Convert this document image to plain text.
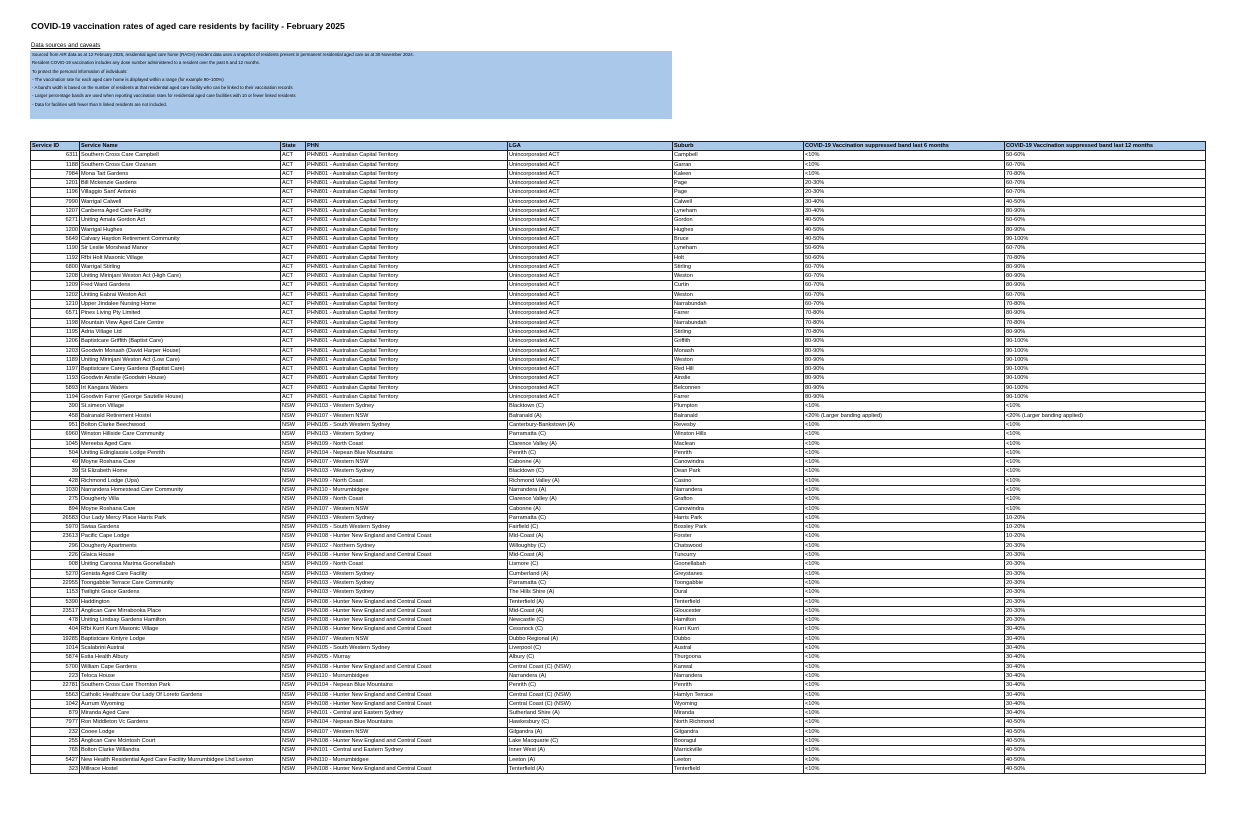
COVID-19 vaccination rates of aged care residents by facility - February 2025
Data sources and caveats
Sourced from AIR data as at 12 February 2025, residential aged care home (RACH) resident data uses a snapshot of residents present in permanent residential aged care as at 30 November 2024.
Resident COVID-19 vaccination includes any dose number administered to a resident over the past 6 and 12 months.
To protect the personal information of individuals:
- The vaccination rate for each aged care home is displayed within a range (for example 90–100%)
- A band's width is based on the number of residents at that residential aged care facility who can be linked to their vaccination records
- Larger percentage bands are used when reporting vaccination rates for residential aged care facilities with 10 or fewer linked residents
- Data for facilities with fewer than 5 linked residents are not included.
Service ID	Service Name	State	PHN	LGA	Suburb	COVID-19 Vaccination suppressed band last 6 months	COVID-19 Vaccination suppressed band last 12 months
6311	Southern Cross Care Campbell	ACT	PHN801 - Australian Capital Territory	Unincorporated ACT	Campbell	<10%	50-60%
1188	Southern Cross Care Ozanam	ACT	PHN801 - Australian Capital Territory	Unincorporated ACT	Garran	<10%	60-70%
7984	Mona Tait Gardens	ACT	PHN801 - Australian Capital Territory	Unincorporated ACT	Kaleen	<10%	70-80%
1201	Bill Mckenzie Gardens	ACT	PHN801 - Australian Capital Territory	Unincorporated ACT	Page	20-30%	60-70%
1196	Villaggio Sant' Antonio	ACT	PHN801 - Australian Capital Territory	Unincorporated ACT	Page	20-30%	60-70%
7990	Warrigal Calwell	ACT	PHN801 - Australian Capital Territory	Unincorporated ACT	Calwell	30-40%	40-50%
1207	Canberra Aged Care Facility	ACT	PHN801 - Australian Capital Territory	Unincorporated ACT	Lyneham	30-40%	80-90%
6271	Uniting Amala Gordon Act	ACT	PHN801 - Australian Capital Territory	Unincorporated ACT	Gordon	40-50%	50-60%
1200	Warrigal Hughes	ACT	PHN801 - Australian Capital Territory	Unincorporated ACT	Hughes	40-50%	80-90%
5649	Calvary Haydon Retirement Community	ACT	PHN801 - Australian Capital Territory	Unincorporated ACT	Bruce	40-50%	90-100%
1190	Sir Leslie Morshead Manor	ACT	PHN801 - Australian Capital Territory	Unincorporated ACT	Lyneham	50-60%	60-70%
1192	Rfbi Holt Masonic Village	ACT	PHN801 - Australian Capital Territory	Unincorporated ACT	Holt	50-60%	70-80%
6800	Warrigal Stirling	ACT	PHN801 - Australian Capital Territory	Unincorporated ACT	Stirling	60-70%	80-90%
1208	Uniting Mirinjani Weston Act (High Care)	ACT	PHN801 - Australian Capital Territory	Unincorporated ACT	Weston	60-70%	80-90%
1209	Fred Ward Gardens	ACT	PHN801 - Australian Capital Territory	Unincorporated ACT	Curtin	60-70%	80-90%
1202	Uniting Eabrai Weston Act	ACT	PHN801 - Australian Capital Territory	Unincorporated ACT	Weston	60-70%	60-70%
1210	Upper Jindalee Nursing Home	ACT	PHN801 - Australian Capital Territory	Unincorporated ACT	Narrabundah	60-70%	70-80%
6571	Pines Living Pty Limited	ACT	PHN801 - Australian Capital Territory	Unincorporated ACT	Farrer	70-80%	80-90%
1198	Mountain View Aged Care Centre	ACT	PHN801 - Australian Capital Territory	Unincorporated ACT	Narrabundah	70-80%	70-80%
1195	Adria Village Ltd	ACT	PHN801 - Australian Capital Territory	Unincorporated ACT	Stirling	70-80%	80-90%
1206	Baptistcare Griffith (Baptist Care)	ACT	PHN801 - Australian Capital Territory	Unincorporated ACT	Griffith	80-90%	90-100%
1203	Goodwin Monash (David Harper House)	ACT	PHN801 - Australian Capital Territory	Unincorporated ACT	Monash	80-90%	90-100%
1189	Uniting Mirinjani Weston Act (Low Care)	ACT	PHN801 - Australian Capital Territory	Unincorporated ACT	Weston	80-90%	90-100%
1197	Baptistcare Carey Gardens (Baptist Care)	ACT	PHN801 - Australian Capital Territory	Unincorporated ACT	Red Hill	80-90%	90-100%
1193	Goodwin Ainslie (Goodwin House)	ACT	PHN801 - Australian Capital Territory	Unincorporated ACT	Ainslie	80-90%	90-100%
5893	Irt Kangara Waters	ACT	PHN801 - Australian Capital Territory	Unincorporated ACT	Belconnen	80-90%	90-100%
1194	Goodwin Farrer (George Sautelle House)	ACT	PHN801 - Australian Capital Territory	Unincorporated ACT	Farrer	80-90%	90-100%
390	St.simeon Village	NSW	PHN103 - Western Sydney	Blacktown (C)	Plumpton	<10%	<10%
458	Balranald Retirement Hostel	NSW	PHN107 - Western NSW	Balranald (A)	Balranald	<20% (Larger banding applied)	<20% (Larger banding applied)
951	Bolton Clarke Beechwood	NSW	PHN105 - South Western Sydney	Canterbury-Bankstown (A)	Revesby	<10%	<10%
6960	Winston Hillside Care Community	NSW	PHN103 - Western Sydney	Parramatta (C)	Winston Hills	<10%	<10%
1045	Mereeba Aged Care	NSW	PHN109 - North Coast	Clarence Valley (A)	Maclean	<10%	<10%
504	Uniting Edinglassie Lodge Penrith	NSW	PHN104 - Nepean Blue Mountains	Penrith (C)	Penrith	<10%	<10%
49	Moyne Roshana Care	NSW	PHN107 - Western NSW	Cabonne (A)	Canowindra	<10%	<10%
39	St Elizabeth Home	NSW	PHN103 - Western Sydney	Blacktown (C)	Dean Park	<10%	<10%
428	Richmond Lodge (Upa)	NSW	PHN109 - North Coast	Richmond Valley (A)	Casino	<10%	<10%
1030	Narrandera Homestead Care Community	NSW	PHN110 - Murrumbidgee	Narrandera (A)	Narrandera	<10%	<10%
275	Dougherty Villa	NSW	PHN109 - North Coast	Clarence Valley (A)	Grafton	<10%	<10%
894	Moyne Roshana Care	NSW	PHN107 - Western NSW	Cabonne (A)	Canowindra	<10%	<10%
26583	Our Lady Mercy Place Harris Park	NSW	PHN103 - Western Sydney	Parramatta (C)	Harris Park	<10%	10-20%
5970	Swiaa Gardens	NSW	PHN105 - South Western Sydney	Fairfield (C)	Bossley Park	<10%	10-20%
23613	Pacific Cape Lodge	NSW	PHN108 - Hunter New England and Central Coast	Mid-Coast (A)	Forster	<10%	10-20%
296	Dougherty Apartments	NSW	PHN102 - Northern Sydney	Willoughby (C)	Chatswood	<10%	20-30%
226	Glaica House	NSW	PHN108 - Hunter New England and Central Coast	Mid-Coast (A)	Tuncurry	<10%	20-30%
908	Uniting Caroona Marima Goonellabah	NSW	PHN109 - North Coast	Lismore (C)	Goonellabah	<10%	20-30%
5270	Genista Aged Care Facility	NSW	PHN103 - Western Sydney	Cumberland (A)	Greystanes	<10%	20-30%
22955	Toongabbie Terrace Care Community	NSW	PHN103 - Western Sydney	Parramatta (C)	Toongabbie	<10%	20-30%
1153	Twilight Grace Gardens	NSW	PHN103 - Western Sydney	The Hills Shire (A)	Dural	<10%	20-30%
5390	Haddington	NSW	PHN108 - Hunter New England and Central Coast	Tenterfield (A)	Tenterfield	<10%	20-30%
23517	Anglican Care Mirrabooka Place	NSW	PHN108 - Hunter New England and Central Coast	Mid-Coast (A)	Gloucester	<10%	20-30%
478	Uniting Lindsay Gardens Hamilton	NSW	PHN108 - Hunter New England and Central Coast	Newcastle (C)	Hamilton	<10%	20-30%
404	Rfbi Kurri Kurri Masonic Village	NSW	PHN108 - Hunter New England and Central Coast	Cessnock (C)	Kurri Kurri	<10%	30-40%
19285	Baptistcare Kintyre Lodge	NSW	PHN107 - Western NSW	Dubbo Regional (A)	Dubbo	<10%	30-40%
1014	Scalabrini Austral	NSW	PHN105 - South Western Sydney	Liverpool (C)	Austral	<10%	30-40%
5874	Estia Health Albury	NSW	PHN205 - Murray	Albury (C)	Thurgoona	<10%	30-40%
5700	William Cape Gardens	NSW	PHN108 - Hunter New England and Central Coast	Central Coast (C) (NSW)	Kanwal	<10%	30-40%
223	Teloca House	NSW	PHN110 - Murrumbidgee	Narrandera (A)	Narrandera	<10%	30-40%
22781	Southern Cross Care Thornton Park	NSW	PHN104 - Nepean Blue Mountains	Penrith (C)	Penrith	<10%	30-40%
5563	Catholic Healthcare Our Lady Of Loreto Gardens	NSW	PHN108 - Hunter New England and Central Coast	Central Coast (C) (NSW)	Hamlyn Terrace	<10%	30-40%
1042	Aurrum Wyoming	NSW	PHN108 - Hunter New England and Central Coast	Central Coast (C) (NSW)	Wyoming	<10%	30-40%
879	Miranda Aged Care	NSW	PHN101 - Central and Eastern Sydney	Sutherland Shire (A)	Miranda	<10%	30-40%
7977	Ron Middleton Vc Gardens	NSW	PHN104 - Nepean Blue Mountains	Hawkesbury (C)	North Richmond	<10%	40-50%
232	Cooee Lodge	NSW	PHN107 - Western NSW	Gilgandra (A)	Gilgandra	<10%	40-50%
255	Anglican Care Mcintosh Court	NSW	PHN108 - Hunter New England and Central Coast	Lake Macquarie (C)	Booragul	<10%	40-50%
765	Bolton Clarke Willandra	NSW	PHN101 - Central and Eastern Sydney	Inner West (A)	Marrickville	<10%	40-50%
5427	New Health Residential Aged Care Facility Murrumbidgee Lhd Leeton	NSW	PHN110 - Murrumbidgee	Leeton (A)	Leeton	<10%	40-50%
323	Millrace Hostel	NSW	PHN108 - Hunter New England and Central Coast	Tenterfield (A)	Tenterfield	<10%	40-50%
